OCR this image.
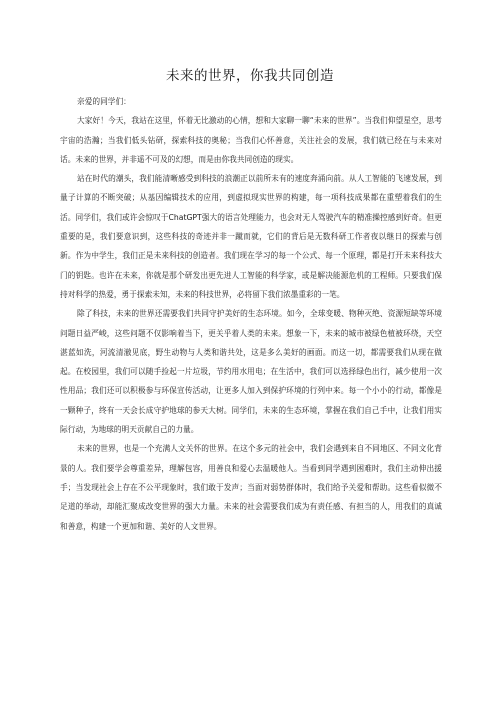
未来的世界，你我共同创造

亲爱的同学们：

大家好！今天，我站在这里，怀着无比激动的心情，想和大家聊一聊“未来的世界”。当我们仰望星空，思考宇宙的浩瀚；当我们低头钻研，探索科技的奥秘；当我们心怀善意，关注社会的发展，我们就已经在与未来对话。未来的世界，并非遥不可及的幻想，而是由你我共同创造的现实。

站在时代的潮头，我们能清晰感受到科技的浪潮正以前所未有的速度奔涌向前。从人工智能的飞速发展，到量子计算的不断突破；从基因编辑技术的应用，到虚拟现实世界的构建，每一项科技成果都在重塑着我们的生活。同学们，我们或许会惊叹于ChatGPT强大的语言处理能力，也会对无人驾驶汽车的精准操控感到好奇。但更重要的是，我们要意识到，这些科技的奇迹并非一蹴而就，它们的背后是无数科研工作者夜以继日的探索与创新。作为中学生，我们正是未来科技的创造者。我们现在学习的每一个公式、每一个原理，都是打开未来科技大门的钥匙。也许在未来，你就是那个研发出更先进人工智能的科学家，或是解决能源危机的工程师。只要我们保持对科学的热爱，勇于探索未知，未来的科技世界，必将留下我们浓墨重彩的一笔。

除了科技，未来的世界还需要我们共同守护美好的生态环境。如今，全球变暖、物种灭绝、资源短缺等环境问题日益严峻，这些问题不仅影响着当下，更关乎着人类的未来。想象一下，未来的城市被绿色植被环绕，天空湛蓝如洗，河流清澈见底，野生动物与人类和谐共处，这是多么美好的画面。而这一切，都需要我们从现在做起。在校园里，我们可以随手捡起一片垃圾，节约用水用电；在生活中，我们可以选择绿色出行，减少使用一次性用品；我们还可以积极参与环保宣传活动，让更多人加入到保护环境的行列中来。每一个小小的行动，都像是一颗种子，终有一天会长成守护地球的参天大树。同学们，未来的生态环境，掌握在我们自己手中，让我们用实际行动，为地球的明天贡献自己的力量。

未来的世界，也是一个充满人文关怀的世界。在这个多元的社会中，我们会遇到来自不同地区、不同文化背景的人。我们要学会尊重差异，理解包容，用善良和爱心去温暖他人。当看到同学遇到困难时，我们主动伸出援手；当发现社会上存在不公平现象时，我们敢于发声；当面对弱势群体时，我们给予关爱和帮助。这些看似微不足道的举动，却能汇聚成改变世界的强大力量。未来的社会需要我们成为有责任感、有担当的人，用我们的真诚和善意，构建一个更加和谐、美好的人文世界。
